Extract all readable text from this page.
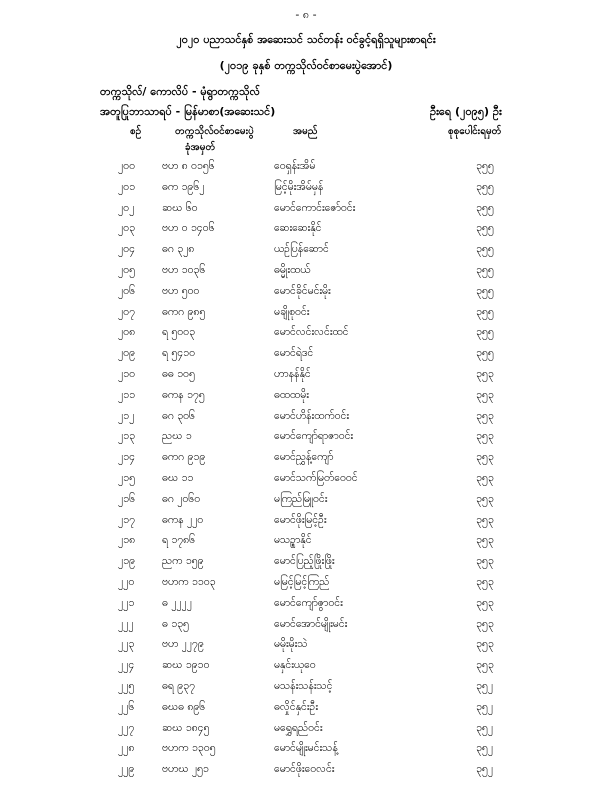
- ၈ -
၂၀၂၀ ပညာသင်နှစ် အဆေးသင် သင်တန်း ဝင်ခွင့်ရရှိသူများစာရင်း
(၂၀၁၉ ခုနှစ် တက္ကသိုလ်ဝင်စာမေးပွဲအောင်)
တက္ကသိုလ်/ ကောလိပ် - မုံရွာတက္ကသိုလ်
အတူပြုဘာသာရပ် - မြန်မာစာ(အဆေးသင်)	ဦးရေ (၂၀၉၅) ဦး
စဉ်	တက္ကသိုလ်ဝင်စာမေးပွဲ
ခုံအမှတ်
အမည်	စုစုပေါင်းရမှတ်
၂၀၀	ဗဟ ၈ ၀၁၅၆	ဝေရှန်းအိမ်	၃၅၅
၂၀၁	ဓက ၁၉၆၂	မြင့်မိုးအိမ်မှန်	၃၅၅
၂၀၂	ဆဃ ၆၀	မောင်ကောင်းဇော်ဝင်း	၃၅၅
၂၀၃	ဗဟ ၀ ၁၄၀၆	ဆေးဆေးနိုင်	၃၅၅
၂၀၄	ဓဂ ၃၂၈	ယဉ်ပြန်ဆောင်	၃၅၅
၂၀၅	ဗဟ ၁၀၃၆	ဓမ္မိုးထယ်	၃၅၅
၂၀၆	ဗဟ ၅၀၀	မောင်ခိုင်မင်းမိုး	၃၅၅
၂၀၇	ဓကဂ ၉၈၅	မချိုစုဝင်း	၃၅၅
၂၀၈	ရ ၅၀၀၃	မောင်လင်းလင်းထင်	၃၅၅
၂၀၉	ရ ၅၄၁၀	မောင်ရဲဒင်	၃၅၅
၂၁၀	ဓဓ ၁၀၅	ဟာနန်နိုင်	၃၅၃
၂၁၁	ဓကန ၁၇၅	ဓထထမိုး	၃၅၃
၂၁၂	ဓဂ ၃၀၆	မောင်ဟိန်းထက်ဝင်း	၃၅၃
၂၁၃	ညဃ ၁	မောင်ကျော်ရာဇာဝင်း	၃၅၃
၂၁၄	ဓကဂ ၉၁၉	မောင်ညွှန့်ကျော်	၃၅၃
၂၁၅	ဓဃ ၁၁	မောင်သက်မြတ်ဝေဝင်	၃၅၃
၂၁၆	ဓဂ ၂၀၆၀	မကြည်မြူဝင်း	၃၅၃
၂၁၇	ဓကန ၂၂၀	မောင်ဖိုးမြင့်ဦး	၃၅၃
၂၁၈	ရ ၁၇၈၆	မသဥ္စာနိုင်	၃၅၃
၂၁၉	ညက ၁၅၉	မောင်ပြည့်ဖြိုးဖြိုး	၃၅၃
၂၂၀	ဗဟက ၁၁၀၃	မမြင့်မြင့်ကြည်	၃၅၃
၂၂၁	ဓ ၂၂၂၂	မောင်ကျော်ဇွာဝင်း	၃၅၃
၂၂၂	ဓ ၁၃၅	မောင်အောင်မျိုးမင်း	၃၅၃
၂၂၃	ဗဟ ၂၂၇၉	မမိုးမိုးသဲ	၃၅၃
၂၂၄	ဆဃ ၁၉၁၀	မနှင်းယုဝေ	၃၅၃
၂၂၅	ဓရ ၉၃၇	မသန်းသန်းသင့်	၃၅၂
၂၂၆	ဓဃဓ ၈၉၆	ဓလှိုင်နှင်းဦး	၃၅၂
၂၂၇	ဆဃ ၁၈၄၅	မရွှေရည်ဝင်း	၃၅၂
၂၂၈	ဗဟက ၁၃၀၅	မောင်မျိုးမင်းသန့်	၃၅၂
၂၂၉	ဗဟဃ ၂၅၁	မောင်ဖိုးဝေလင်း	၃၅၂
